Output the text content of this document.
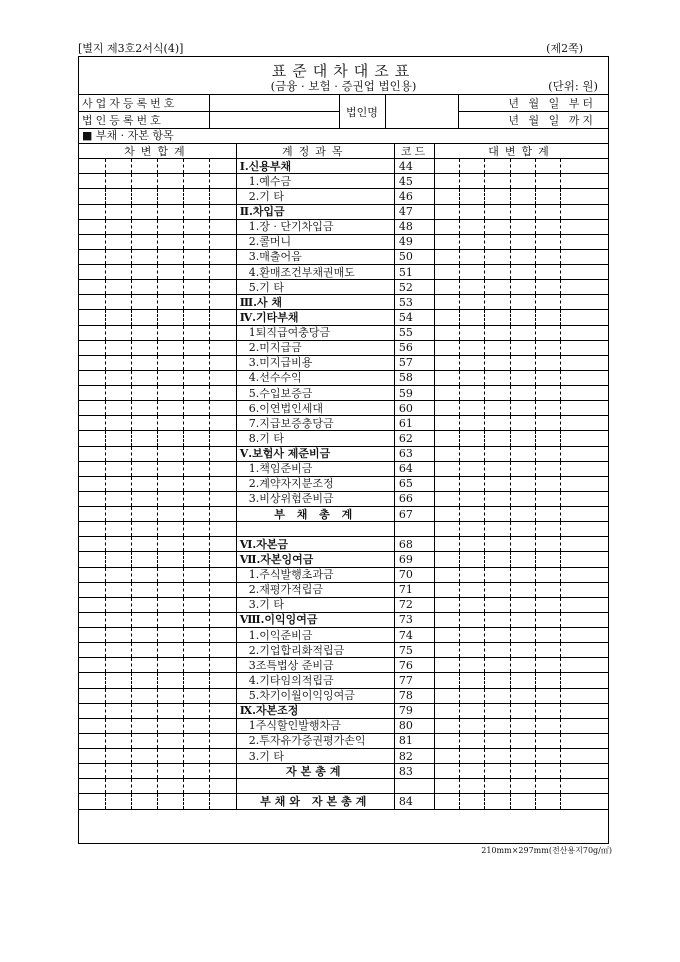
[별지 제3호2서식(4)]	(제2쪽)
표준대차대조표
(금융 · 보험 · 증권업 법인용)	(단위: 원)
사업자등록번호		법인명		년 월 일 부터
법인등록번호				년 월 일 까지
■ 부채 · 자본 항목
차변합계						계정과목	코드	대변합계					
						Ⅰ.신용부채	44						
						1.예수금	45						
						2.기 타	46						
						Ⅱ.차입금	47						
						1.장 · 단기차입금	48						
						2.콜머니	49						
						3.매출어음	50						
						4.환매조건부채권매도	51						
						5.기 타	52						
						Ⅲ.사 채	53						
						Ⅳ.기타부채	54						
						1퇴직급여충당금	55						
						2.미지급금	56						
						3.미지급비용	57						
						4.선수수익	58						
						5.수입보증금	59						
						6.이연법인세대	60						
						7.지급보증충당금	61						
						8.기 타	62						
						Ⅴ.보험사 제준비금	63						
						1.책임준비금	64						
						2.계약자지분조정	65						
						3.비상위험준비금	66						
						부 채 총 계	67						

						Ⅵ.자본금	68						
						Ⅶ.자본잉여금	69						
						1.주식발행초과금	70						
						2.재평가적립금	71						
						3.기 타	72						
						Ⅷ.이익잉여금	73						
						1.이익준비금	74						
						2.기업합리화적립금	75						
						3조특법상 준비금	76						
						4.기타임의적립금	77						
						5.차기이월이익잉여금	78						
						Ⅸ.자본조정	79						
						1주식할인발행차금	80						
						2.투자유가증권평가손익	81						
						3.기 타	82						
						자본총계	83						

						부채와 자본총계	84						
210mm×297mm(전산용지70g/㎡)
